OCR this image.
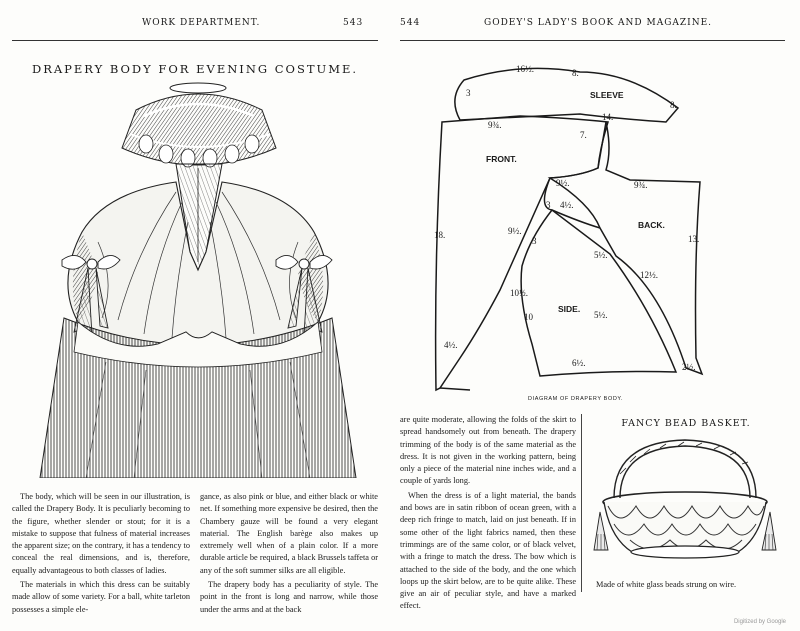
WORK DEPARTMENT.	543
DRAPERY BODY FOR EVENING COSTUME.

The body, which will be seen in our illustration, is called the Drapery Body. It is peculiarly becoming to the figure, whether slender or stout; for it is a mistake to suppose that fulness of material increases the apparent size; on the contrary, it has a tendency to conceal the real dimensions, and is, therefore, equally advantageous to both classes of ladies.

The materials in which this dress can be suitably made allow of some variety. For a ball, white tarleton possesses a simple ele-

gance, as also pink or blue, and either black or white net. If something more expensive be desired, then the Chambery gauze will be found a very elegant material. The English barège also makes up extremely well when of a plain color. If a more durable article be required, a black Brussels taffeta or any of the soft summer silks are all eligible.

The drapery body has a peculiarity of style. The point in the front is long and narrow, while those under the arms and at the back

544	GODEY'S LADY'S BOOK AND MAGAZINE.
SLEEVE
FRONT.
BACK.
SIDE.
16½.	8.
3
8.
9¾.
14.
7.
9½.
3 4½.
9¾.
18.	9½.
3
5½.
12½.
13.
10½.
10	5½.
6½.
4½.
2½.
DIAGRAM OF DRAPERY BODY.

are quite moderate, allowing the folds of the skirt to spread handsomely out from beneath. The drapery trimming of the body is of the same material as the dress. It is not given in the working pattern, being only a piece of the material nine inches wide, and a couple of yards long.

When the dress is of a light material, the bands and bows are in satin ribbon of ocean green, with a deep rich fringe to match, laid on just beneath. If in some other of the light fabrics named, then these trimmings are of the same color, or of black velvet, with a fringe to match the dress. The bow which is attached to the side of the body, and the one which loops up the skirt below, are to be quite alike. These give an air of peculiar style, and have a marked effect.

FANCY BEAD BASKET.
Made of white glass beads strung on wire.
Digitized by Google
